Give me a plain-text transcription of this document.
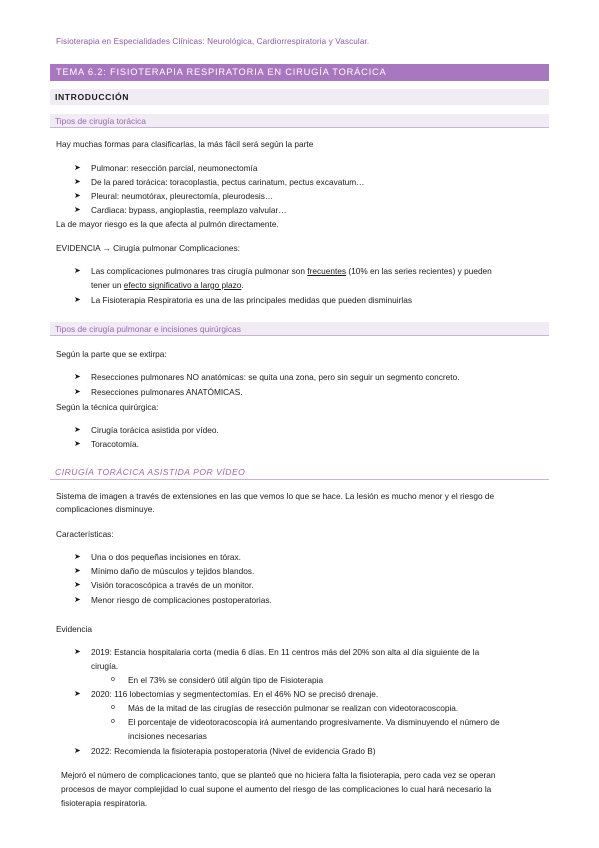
Fisioterapia en Especialidades Clínicas: Neurológica, Cardiorrespiratoria y Vascular.
TEMA 6.2: FISIOTERAPIA RESPIRATORIA EN CIRUGÍA TORÁCICA
INTRODUCCIÓN
Tipos de cirugía torácica
Hay muchas formas para clasificarlas, la más fácil será según la parte
➤ Pulmonar: resección parcial, neumonectomía
➤ De la pared torácica: toracoplastia, pectus carinatum, pectus excavatum…
➤ Pleural: neumotórax, pleurectomía, pleurodesis…
➤ Cardiaca: bypass, angioplastia, reemplazo valvular…
La de mayor riesgo es la que afecta al pulmón directamente.
EVIDENCIA → Cirugía pulmonar Complicaciones:
➤ Las complicaciones pulmonares tras cirugía pulmonar son frecuentes (10% en las series recientes) y pueden
tener un efecto significativo a largo plazo.
➤ La Fisioterapia Respiratoria es una de las principales medidas que pueden disminuirlas
Tipos de cirugía pulmonar e incisiones quirúrgicas
Según la parte que se extirpa:
➤ Resecciones pulmonares NO anatómicas: se quita una zona, pero sin seguir un segmento concreto.
➤ Resecciones pulmonares ANATÓMICAS.
Según la técnica quirúrgica:
➤ Cirugía torácica asistida por vídeo.
➤ Toracotomía.
CIRUGÍA TORÁCICA ASISTIDA POR VÍDEO
Sistema de imagen a través de extensiones en las que vemos lo que se hace. La lesión es mucho menor y el riesgo de
complicaciones disminuye.
Características:
➤ Una o dos pequeñas incisiones en tórax.
➤ Mínimo daño de músculos y tejidos blandos.
➤ Visión toracoscópica a través de un monitor.
➤ Menor riesgo de complicaciones postoperatorias.
Evidencia
➤ 2019: Estancia hospitalaria corta (media 6 días. En 11 centros más del 20% son alta al día siguiente de la
cirugía.
o En el 73% se consideró útil algún tipo de Fisioterapia
➤ 2020: 116 lobectomías y segmentectomías. En el 46% NO se precisó drenaje.
o Más de la mitad de las cirugías de resección pulmonar se realizan con videotoracoscopia.
o El porcentaje de videotoracoscopia irá aumentando progresivamente. Va disminuyendo el número de
incisiones necesarias
➤ 2022: Recomienda la fisioterapia postoperatoria (Nivel de evidencia Grado B)
Mejoró el número de complicaciones tanto, que se planteó que no hiciera falta la fisioterapia, pero cada vez se operan
procesos de mayor complejidad lo cual supone el aumento del riesgo de las complicaciones lo cual hará necesario la
fisioterapia respiratoria.
